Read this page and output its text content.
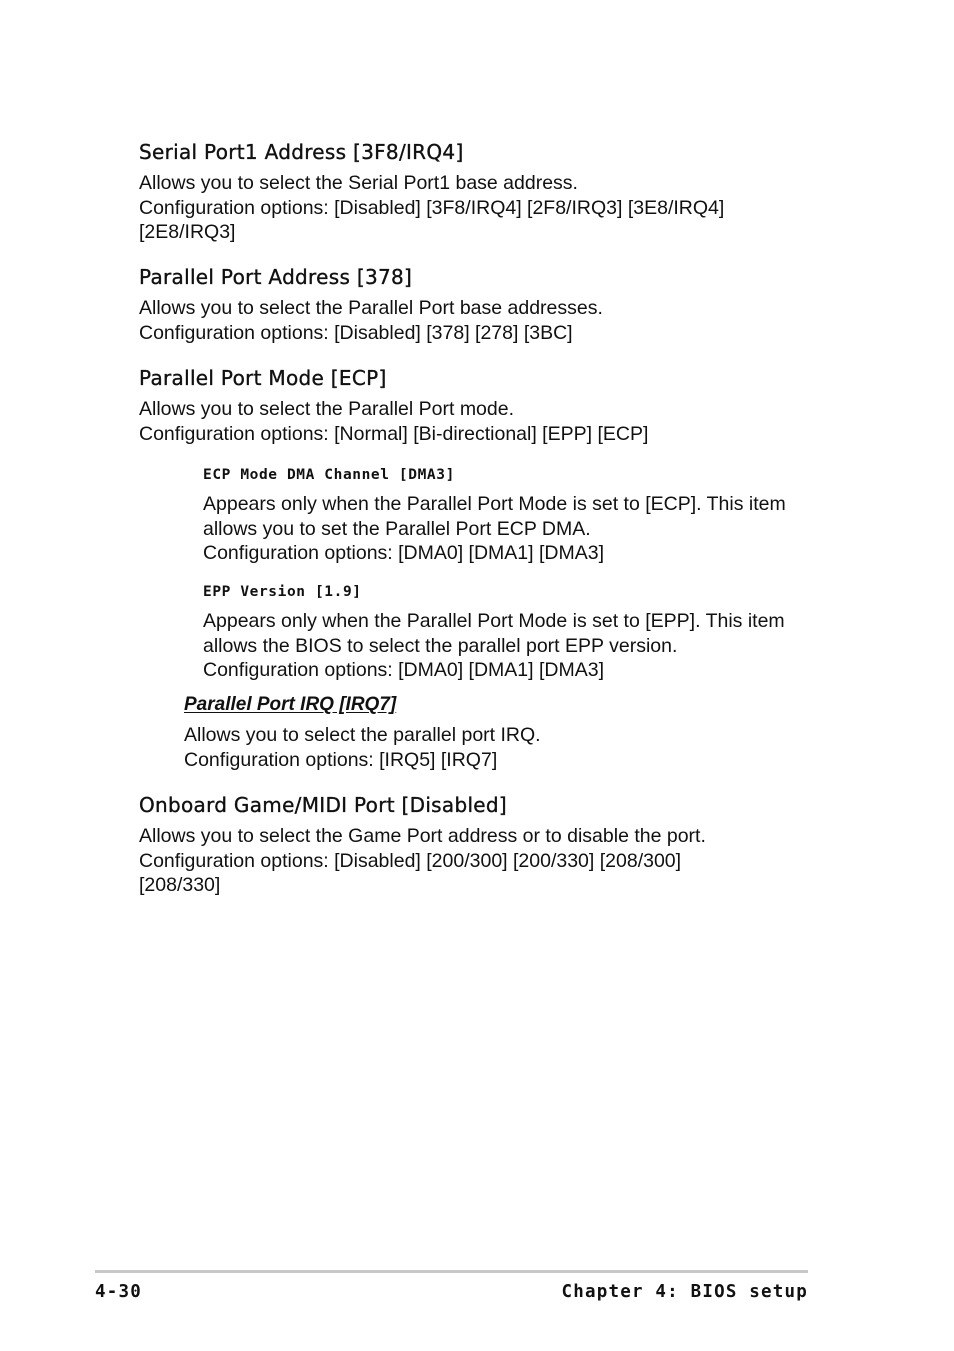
Serial Port1 Address [3F8/IRQ4]

Allows you to select the Serial Port1 base address.
Configuration options: [Disabled] [3F8/IRQ4] [2F8/IRQ3] [3E8/IRQ4]
[2E8/IRQ3]

Parallel Port Address [378]

Allows you to select the Parallel Port base addresses.
Configuration options: [Disabled] [378] [278] [3BC]

Parallel Port Mode [ECP]

Allows you to select the Parallel Port mode.
Configuration options: [Normal] [Bi-directional] [EPP] [ECP]

ECP Mode DMA Channel [DMA3]

Appears only when the Parallel Port Mode is set to [ECP]. This item
allows you to set the Parallel Port ECP DMA.
Configuration options: [DMA0] [DMA1] [DMA3]

EPP Version [1.9]

Appears only when the Parallel Port Mode is set to [EPP]. This item
allows the BIOS to select the parallel port EPP version.
Configuration options: [DMA0] [DMA1] [DMA3]

Parallel Port IRQ [IRQ7]

Allows you to select the parallel port IRQ.
Configuration options: [IRQ5] [IRQ7]

Onboard Game/MIDI Port [Disabled]

Allows you to select the Game Port address or to disable the port.
Configuration options: [Disabled] [200/300] [200/330] [208/300]
[208/330]

4-30	Chapter 4: BIOS setup
